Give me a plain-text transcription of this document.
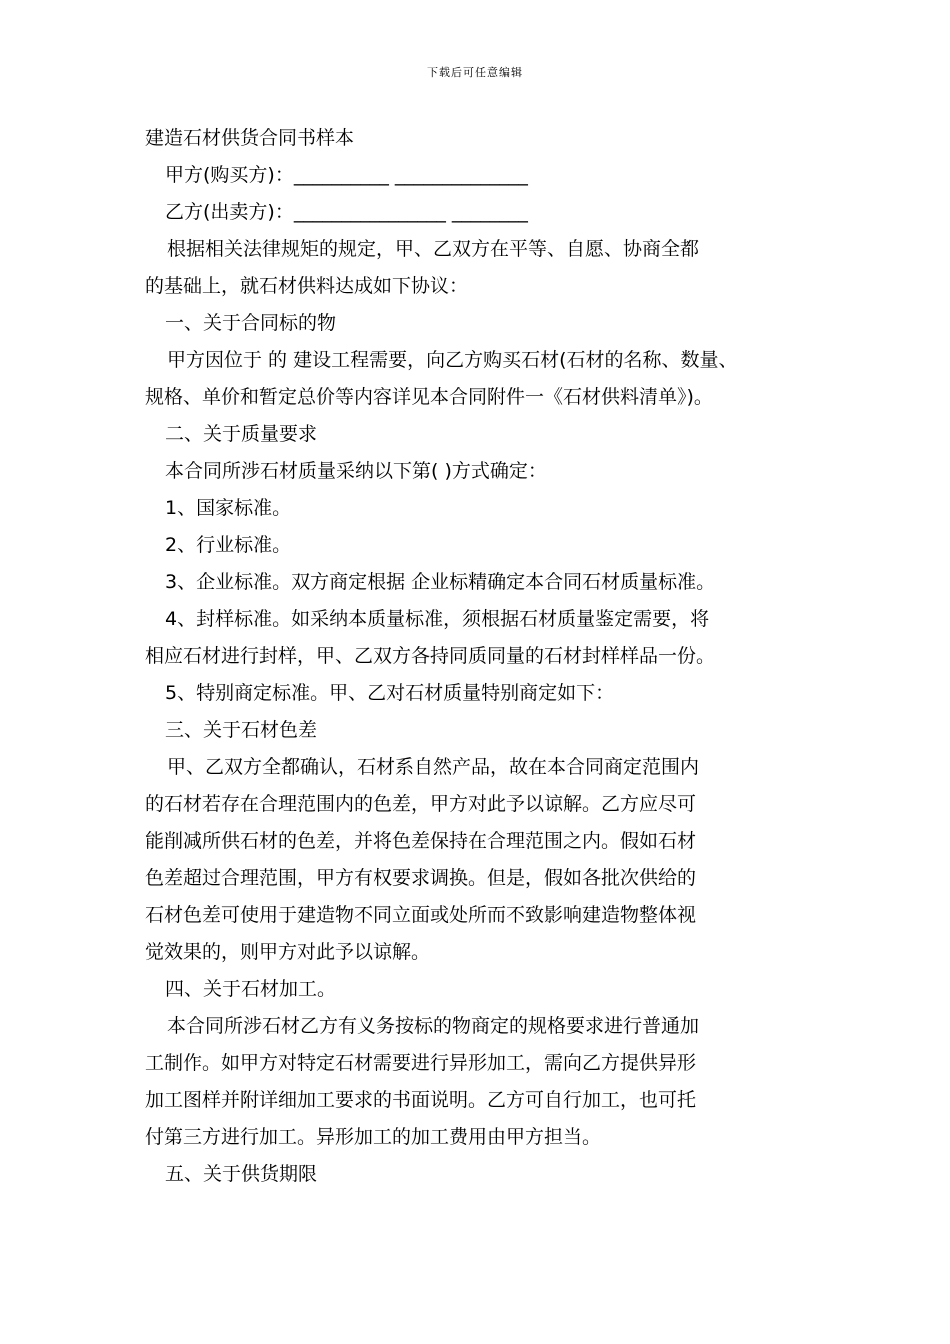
下载后可任意编辑
建造石材供货合同书样本
甲方(购买方)：__________ ______________
乙方(出卖方)：________________ ________
根据相关法律规矩的规定，甲、乙双方在平等、自愿、协商全都
的基础上，就石材供料达成如下协议：
一、关于合同标的物
甲方因位于 的 建设工程需要，向乙方购买石材(石材的名称、数量、
规格、单价和暂定总价等内容详见本合同附件一《石材供料清单》)。
二、关于质量要求
本合同所涉石材质量采纳以下第( )方式确定：
1、国家标准。
2、行业标准。
3、企业标准。双方商定根据 企业标精确定本合同石材质量标准。
4、封样标准。如采纳本质量标准，须根据石材质量鉴定需要，将
相应石材进行封样，甲、乙双方各持同质同量的石材封样样品一份。
5、特别商定标准。甲、乙对石材质量特别商定如下：
三、关于石材色差
甲、乙双方全都确认，石材系自然产品，故在本合同商定范围内
的石材若存在合理范围内的色差，甲方对此予以谅解。乙方应尽可
能削减所供石材的色差，并将色差保持在合理范围之内。假如石材
色差超过合理范围，甲方有权要求调换。但是，假如各批次供给的
石材色差可使用于建造物不同立面或处所而不致影响建造物整体视
觉效果的，则甲方对此予以谅解。
四、关于石材加工。
本合同所涉石材乙方有义务按标的物商定的规格要求进行普通加
工制作。如甲方对特定石材需要进行异形加工，需向乙方提供异形
加工图样并附详细加工要求的书面说明。乙方可自行加工，也可托
付第三方进行加工。异形加工的加工费用由甲方担当。
五、关于供货期限
